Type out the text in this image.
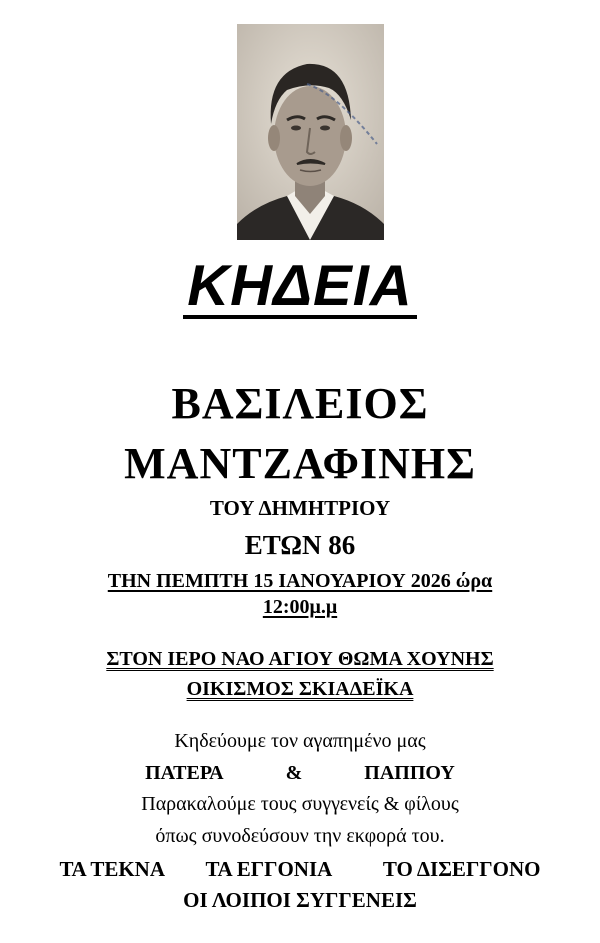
ΚΗΔΕΙΑ
ΒΑΣΙΛΕΙΟΣ
ΜΑΝΤΖΑΦΙΝΗΣ
ΤΟΥ ΔΗΜΗΤΡΙΟΥ
ΕΤΩΝ 86
ΤΗΝ ΠΕΜΠΤΗ 15 ΙΑΝΟΥΑΡΙΟΥ 2026 ώρα
12:00μ.μ
ΣΤΟΝ ΙΕΡΟ ΝΑΟ ΑΓΙΟΥ ΘΩΜΑ ΧΟΥΝΗΣ
ΟΙΚΙΣΜΟΣ ΣΚΙΑΔΕΪΚΑ
Κηδεύουμε τον αγαπημένο μας
ΠΑΤΕΡΑ	&	ΠΑΠΠΟΥ
Παρακαλούμε τους συγγενείς & φίλους
όπως συνοδεύσουν την εκφορά του.
ΤΑ ΤΕΚΝΑ ΤΑ ΕΓΓΟΝΙΑ ΤΟ ΔΙΣΕΓΓΟΝΟ
ΟΙ ΛΟΙΠΟΙ ΣΥΓΓΕΝΕΙΣ
